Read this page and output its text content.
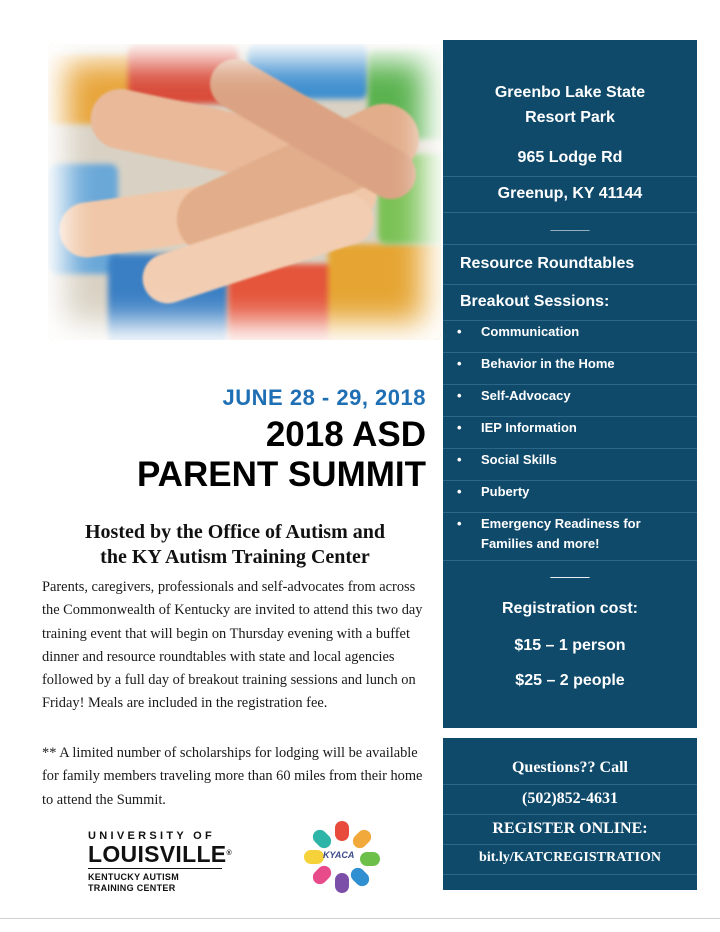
Greenbo Lake State
Resort Park
965 Lodge Rd
Greenup, KY 41144
_____
Resource Roundtables
Breakout Sessions:
• Communication
• Behavior in the Home
• Self-Advocacy
• IEP Information
• Social Skills
• Puberty
• Emergency Readiness for
Families and more!
_____
Registration cost:
$15 – 1 person
$25 – 2 people
Questions?? Call
(502)852-4631
REGISTER ONLINE:
bit.ly/KATCREGISTRATION
JUNE 28 - 29, 2018
2018 ASD
PARENT SUMMIT
Hosted by the Office of Autism and
the KY Autism Training Center
Parents, caregivers, professionals and self-advocates from across the Commonwealth of Kentucky are invited to attend this two day training event that will begin on Thursday evening with a buffet dinner and resource roundtables with state and local agencies followed by a full day of breakout training sessions and lunch on Friday! Meals are included in the registration fee.
** A limited number of scholarships for lodging will be available for family members traveling more than 60 miles from their home to attend the Summit.
UNIVERSITY OF
LOUISVILLE®
KENTUCKY AUTISM
TRAINING CENTER
KYACA
